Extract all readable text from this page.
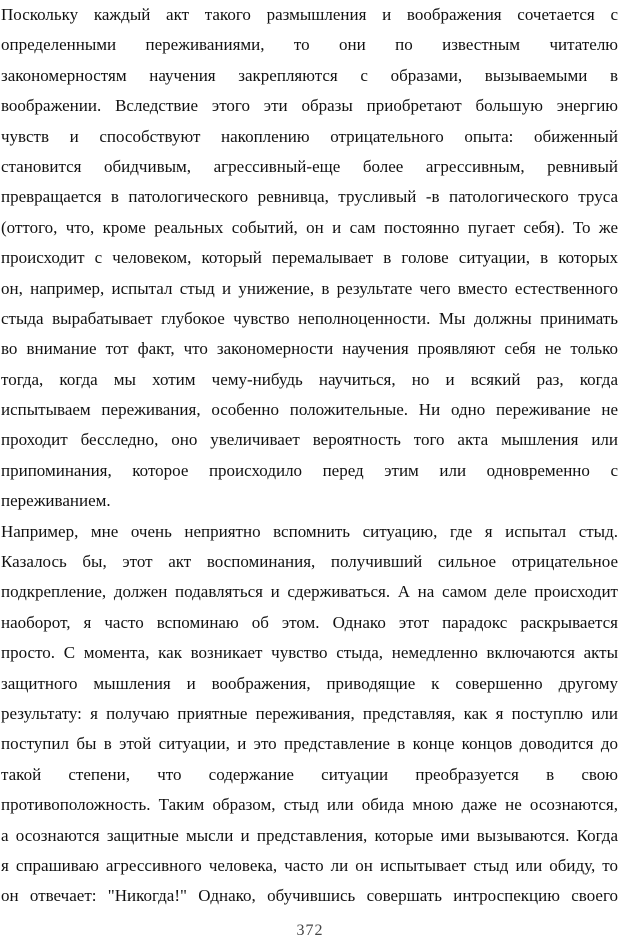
Поскольку каждый акт такого размышления и воображения сочетается с
определенными переживаниями, то они по известным читателю
закономерностям научения закрепляются с образами, вызываемыми в
воображении. Вследствие этого эти образы приобретают большую энергию
чувств и способствуют накоплению отрицательного опыта: обиженный
становится обидчивым, агрессивный-еще более агрессивным, ревнивый
превращается в патологического ревнивца, трусливый -в патологического труса
(оттого, что, кроме реальных событий, он и сам постоянно пугает себя). То же
происходит с человеком, который перемалывает в голове ситуации, в которых
он, например, испытал стыд и унижение, в результате чего вместо естественного
стыда вырабатывает глубокое чувство неполноценности. Мы должны принимать
во внимание тот факт, что закономерности научения проявляют себя не только
тогда, когда мы хотим чему-нибудь научиться, но и всякий раз, когда
испытываем переживания, особенно положительные. Ни одно переживание не
проходит бесследно, оно увеличивает вероятность того акта мышления или
припоминания, которое происходило перед этим или одновременно с
переживанием.
Например, мне очень неприятно вспомнить ситуацию, где я испытал стыд.
Казалось бы, этот акт воспоминания, получивший сильное отрицательное
подкрепление, должен подавляться и сдерживаться. А на самом деле происходит
наоборот, я часто вспоминаю об этом. Однако этот парадокс раскрывается
просто. С момента, как возникает чувство стыда, немедленно включаются акты
защитного мышления и воображения, приводящие к совершенно другому
результату: я получаю приятные переживания, представляя, как я поступлю или
поступил бы в этой ситуации, и это представление в конце концов доводится до
такой степени, что содержание ситуации преобразуется в свою
противоположность. Таким образом, стыд или обида мною даже не осознаются,
а осознаются защитные мысли и представления, которые ими вызываются. Когда
я спрашиваю агрессивного человека, часто ли он испытывает стыд или обиду, то
он отвечает: "Никогда!" Однако, обучившись совершать интроспекцию своего
372
